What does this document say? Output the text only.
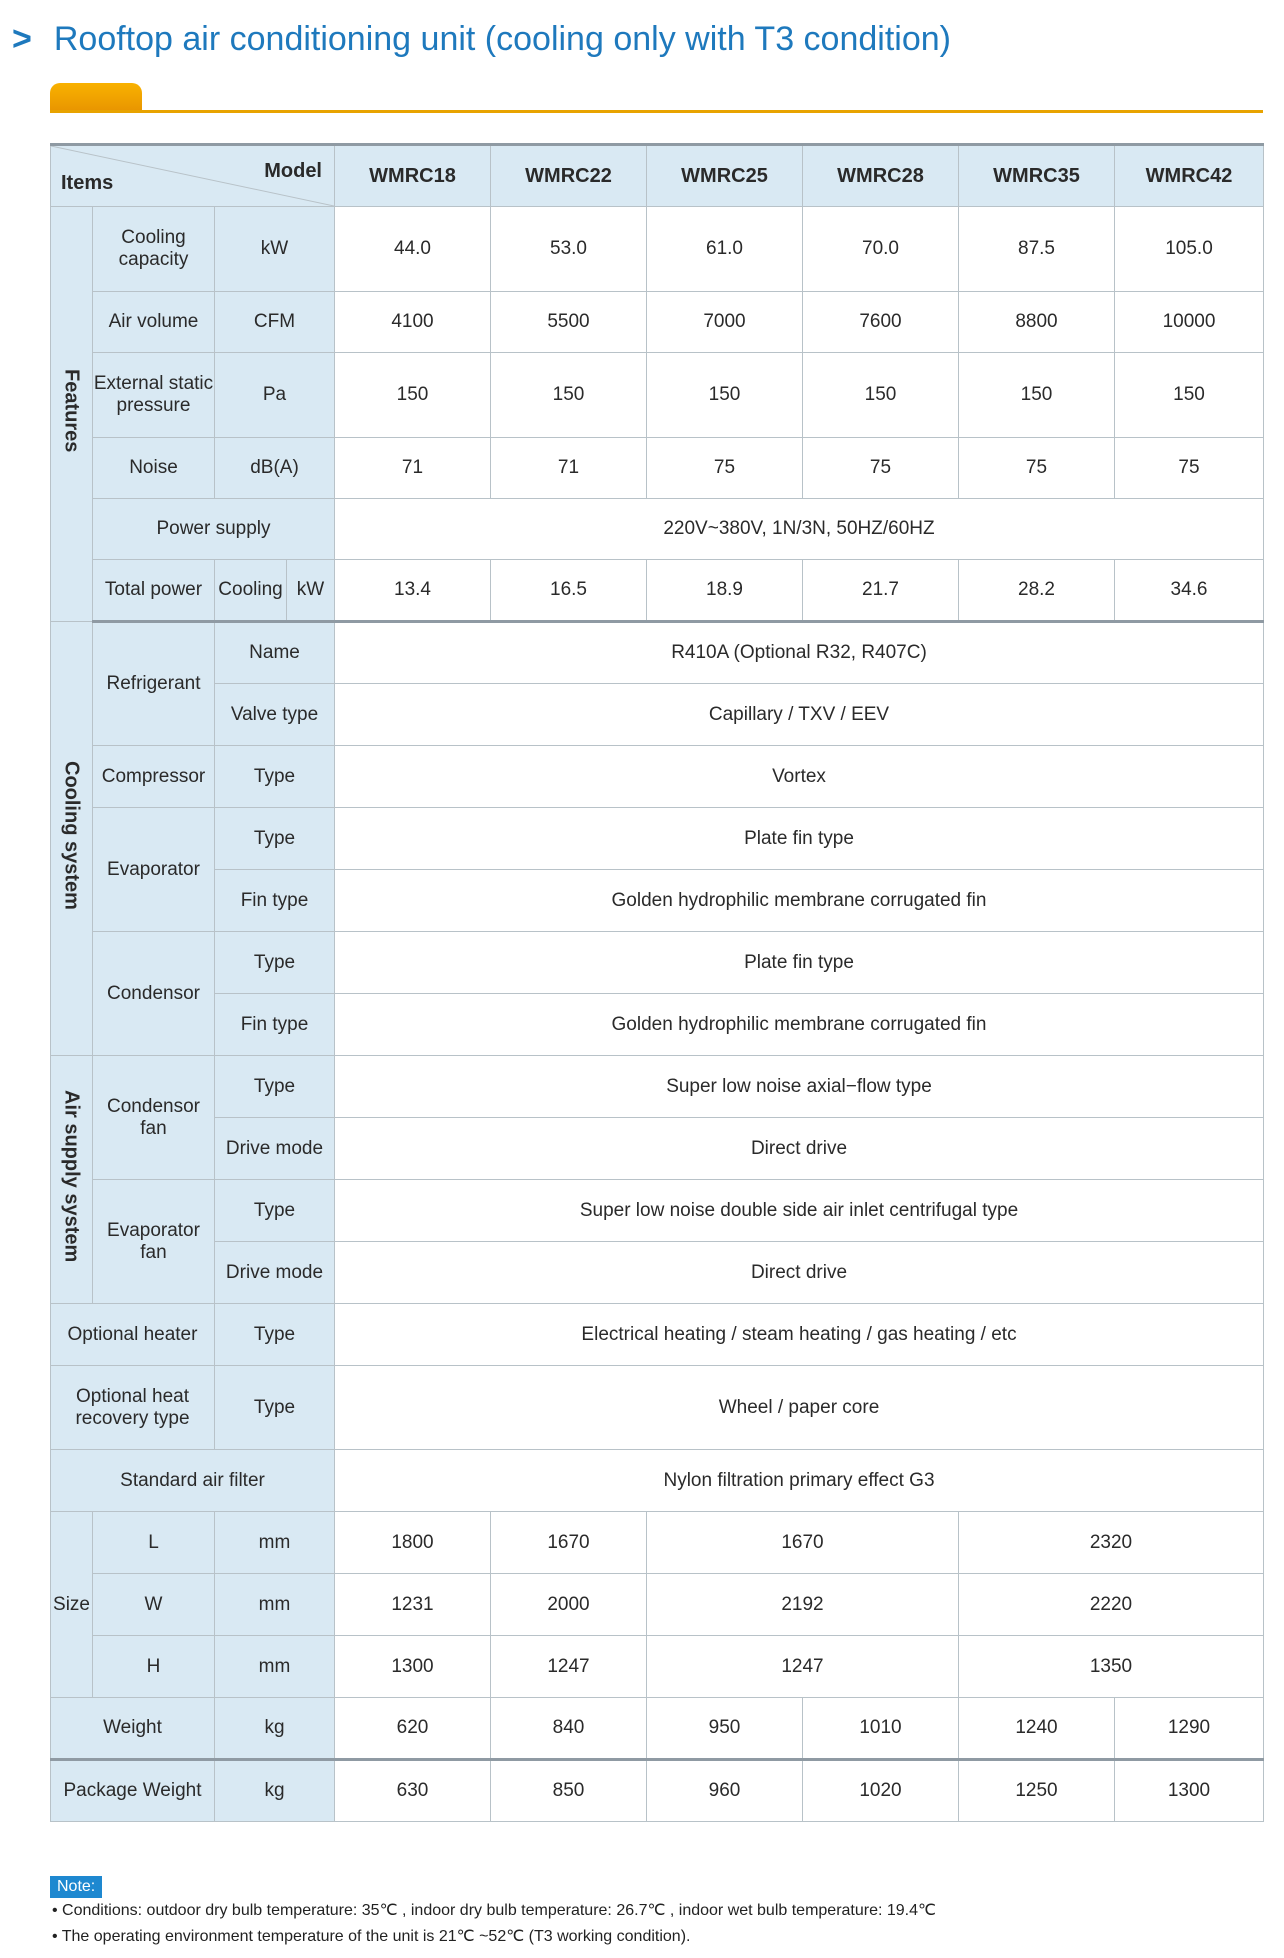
> Rooftop air conditioning unit (cooling only with T3 condition)
Items
Model				WMRC18	WMRC22	WMRC25	WMRC28	WMRC35	WMRC42
Features	Cooling capacity	kW		44.0	53.0	61.0	70.0	87.5	105.0
	Air volume	CFM		4100	5500	7000	7600	8800	10000
	External static pressure	Pa		150	150	150	150	150	150
	Noise	dB(A)		71	71	75	75	75	75
	Power supply			220V~380V, 1N/3N, 50HZ/60HZ					
	Total power	Cooling	kW	13.4	16.5	18.9	21.7	28.2	34.6
Cooling system	Refrigerant	Name		R410A (Optional R32, R407C)					
		Valve type		Capillary / TXV / EEV					
	Compressor	Type		Vortex					
	Evaporator	Type		Plate fin type					
		Fin type		Golden hydrophilic membrane corrugated fin					
	Condensor	Type		Plate fin type					
		Fin type		Golden hydrophilic membrane corrugated fin					
Air supply system	Condensor fan	Type		Super low noise axial−flow type					
		Drive mode		Direct drive					
	Evaporator fan	Type		Super low noise double side air inlet centrifugal type					
		Drive mode		Direct drive					
Optional heater		Type		Electrical heating / steam heating / gas heating / etc					
Optional heat recovery type		Type		Wheel / paper core					
Standard air filter				Nylon filtration primary effect G3					
Size	L	mm		1800	1670	1670		2320	
	W	mm		1231	2000	2192		2220	
	H	mm		1300	1247	1247		1350	
Weight		kg		620	840	950	1010	1240	1290
Package Weight		kg		630	850	960	1020	1250	1300
Note:
• Conditions: outdoor dry bulb temperature: 35℃ , indoor dry bulb temperature: 26.7℃ , indoor wet bulb temperature: 19.4℃
• The operating environment temperature of the unit is 21℃ ~52℃ (T3 working condition).
